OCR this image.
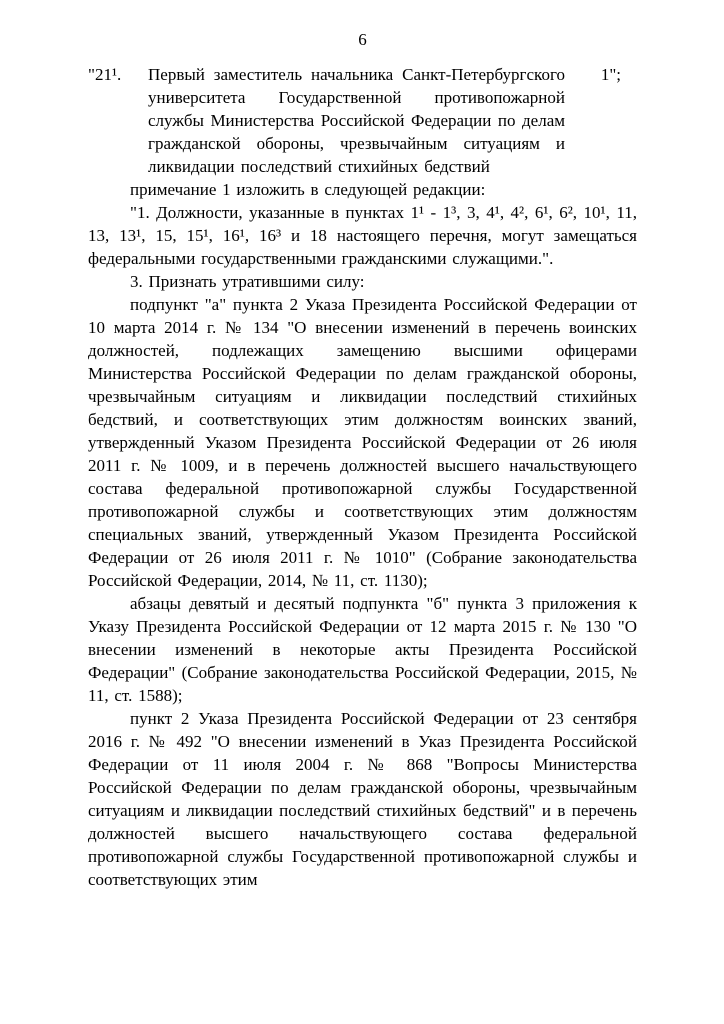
6
"21¹.	Первый заместитель начальника Санкт-Петербургского университета Государственной противопожарной службы Министерства Российской Федерации по делам гражданской обороны, чрезвычайным ситуациям и ликвидации последствий стихийных бедствий
1";

примечание 1 изложить в следующей редакции:

"1. Должности, указанные в пунктах 1¹ - 1³, 3, 4¹, 4², 6¹, 6², 10¹, 11, 13, 13¹, 15, 15¹, 16¹, 16³ и 18 настоящего перечня, могут замещаться федеральными государственными гражданскими служащими.".

3. Признать утратившими силу:

подпункт "а" пункта 2 Указа Президента Российской Федерации от 10 марта 2014 г. № 134 "О внесении изменений в перечень воинских должностей, подлежащих замещению высшими офицерами Министерства Российской Федерации по делам гражданской обороны, чрезвычайным ситуациям и ликвидации последствий стихийных бедствий, и соответствующих этим должностям воинских званий, утвержденный Указом Президента Российской Федерации от 26 июля 2011 г. № 1009, и в перечень должностей высшего начальствующего состава федеральной противопожарной службы Государственной противопожарной службы и соответствующих этим должностям специальных званий, утвержденный Указом Президента Российской Федерации от 26 июля 2011 г. № 1010" (Собрание законодательства Российской Федерации, 2014, № 11, ст. 1130);

абзацы девятый и десятый подпункта "б" пункта 3 приложения к Указу Президента Российской Федерации от 12 марта 2015 г. № 130 "О внесении изменений в некоторые акты Президента Российской Федерации" (Собрание законодательства Российской Федерации, 2015, № 11, ст. 1588);

пункт 2 Указа Президента Российской Федерации от 23 сентября 2016 г. № 492 "О внесении изменений в Указ Президента Российской Федерации от 11 июля 2004 г. № 868 "Вопросы Министерства Российской Федерации по делам гражданской обороны, чрезвычайным ситуациям и ликвидации последствий стихийных бедствий" и в перечень должностей высшего начальствующего состава федеральной противопожарной службы Государственной противопожарной службы и соответствующих этим
